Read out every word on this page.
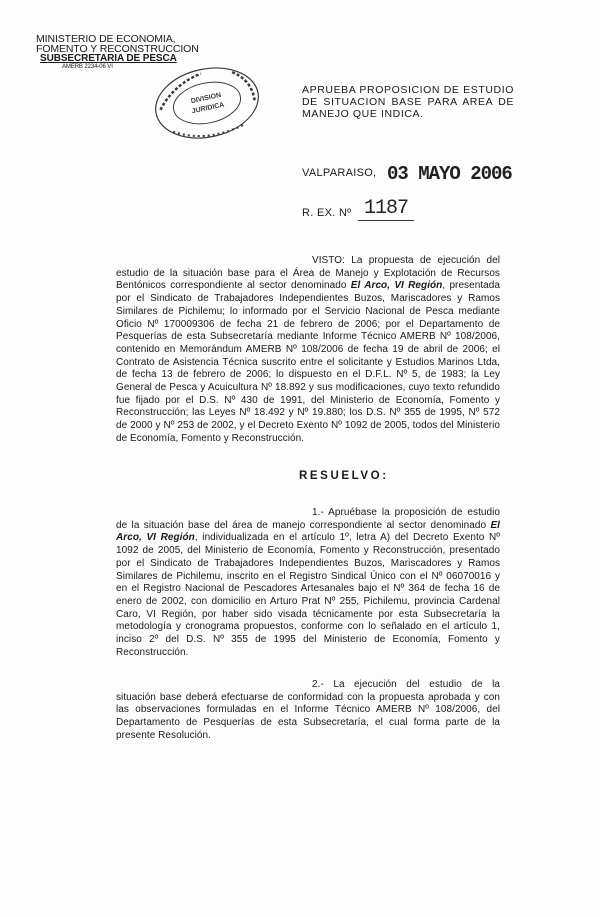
MINISTERIO DE ECONOMIA,
FOMENTO Y RECONSTRUCCION
SUBSECRETARIA DE PESCA
AMERB 2234-06 VI
DIVISION
JURIDICA
APRUEBA PROPOSICION DE ESTUDIO DE SITUACION BASE PARA AREA DE MANEJO QUE INDICA.
VALPARAISO, 03 MAYO 2006
R. EX. Nº 1187
VISTO: La propuesta de ejecución del estudio de la situación base para el Área de Manejo y Explotación de Recursos Bentónicos correspondiente al sector denominado El Arco, VI Región, presentada por el Sindicato de Trabajadores Independientes Buzos, Mariscadores y Ramos Similares de Pichilemu; lo informado por el Servicio Nacional de Pesca mediante Oficio Nº 170009306 de fecha 21 de febrero de 2006; por el Departamento de Pesquerías de esta Subsecretaría mediante Informe Técnico AMERB Nº 108/2006, contenido en Memorándum AMERB Nº 108/2006 de fecha 19 de abril de 2006; el Contrato de Asistencia Técnica suscrito entre el solicitante y Estudios Marinos Ltda, de fecha 13 de febrero de 2006; lo dispuesto en el D.F.L. Nº 5, de 1983; la Ley General de Pesca y Acuicultura Nº 18.892 y sus modificaciones, cuyo texto refundido fue fijado por el D.S. Nº 430 de 1991, del Ministerio de Economía, Fomento y Reconstrucción; las Leyes Nº 18.492 y Nº 19.880; los D.S. Nº 355 de 1995, Nº 572 de 2000 y Nº 253 de 2002, y el Decreto Exento Nº 1092 de 2005, todos del Ministerio de Economía, Fomento y Reconstrucción.
RESUELVO:
1.- Apruébase la proposición de estudio de la situación base del área de manejo correspondiente al sector denominado El Arco, VI Región, individualizada en el artículo 1º, letra A) del Decreto Exento Nº 1092 de 2005, del Ministerio de Economía, Fomento y Reconstrucción, presentado por el Sindicato de Trabajadores Independientes Buzos, Mariscadores y Ramos Similares de Pichilemu, inscrito en el Registro Sindical Único con el Nº 06070016 y en el Registro Nacional de Pescadores Artesanales bajo el Nº 364 de fecha 16 de enero de 2002, con domicilio en Arturo Prat Nº 255, Pichilemu, provincia Cardenal Caro, VI Región, por haber sido visada técnicamente por esta Subsecretaría la metodología y cronograma propuestos, conforme con lo señalado en el artículo 1, inciso 2º del D.S. Nº 355 de 1995 del Ministerio de Economía, Fomento y Reconstrucción.
2.- La ejecución del estudio de la situación base deberá efectuarse de conformidad con la propuesta aprobada y con las observaciones formuladas en el Informe Técnico AMERB Nº 108/2006, del Departamento de Pesquerías de esta Subsecretaría, el cual forma parte de la presente Resolución.
